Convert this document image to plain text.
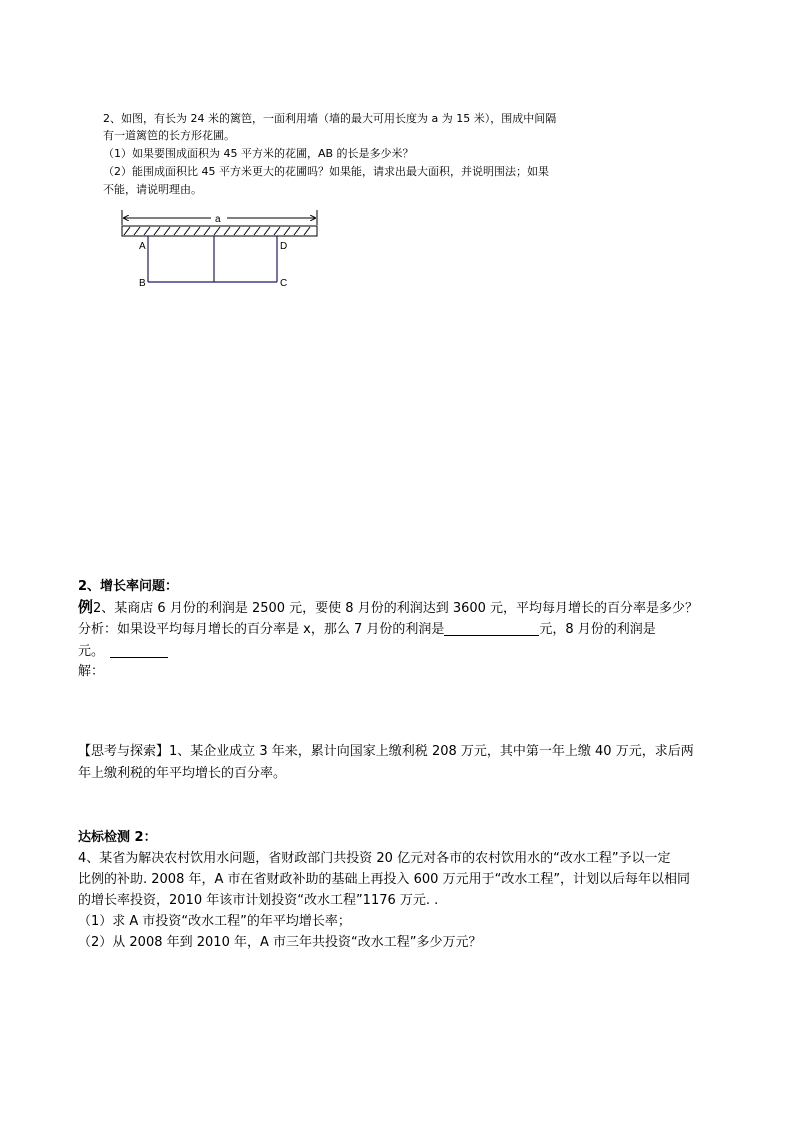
2、如图，有长为 24 米的篱笆，一面利用墙（墙的最大可用长度为 a 为 15 米），围成中间隔
有一道篱笆的长方形花圃。
（1）如果要围成面积为 45 平方米的花圃，AB 的长是多少米？
（2）能围成面积比 45 平方米更大的花圃吗？如果能，请求出最大面积，并说明围法；如果
不能，请说明理由。
a
A
B	C
D
2、增长率问题：
例2、某商店 6 月份的利润是 2500 元，要使 8 月份的利润达到 3600 元，平均每月增长的百分率是多少？
分析：如果设平均每月增长的百分率是 x，那么 7 月份的利润是	元，8 月份的利润是
元。
解：
【思考与探索】1、某企业成立 3 年来，累计向国家上缴利税 208 万元，其中第一年上缴 40 万元，求后两
年上缴利税的年平均增长的百分率。
达标检测 2：
4、某省为解决农村饮用水问题，省财政部门共投资 20 亿元对各市的农村饮用水的“改水工程”予以一定
比例的补助. 2008 年，A 市在省财政补助的基础上再投入 600 万元用于“改水工程”，计划以后每年以相同
的增长率投资，2010 年该市计划投资“改水工程”1176 万元. .
（1）求 A 市投资“改水工程”的年平均增长率；
（2）从 2008 年到 2010 年，A 市三年共投资“改水工程”多少万元？
